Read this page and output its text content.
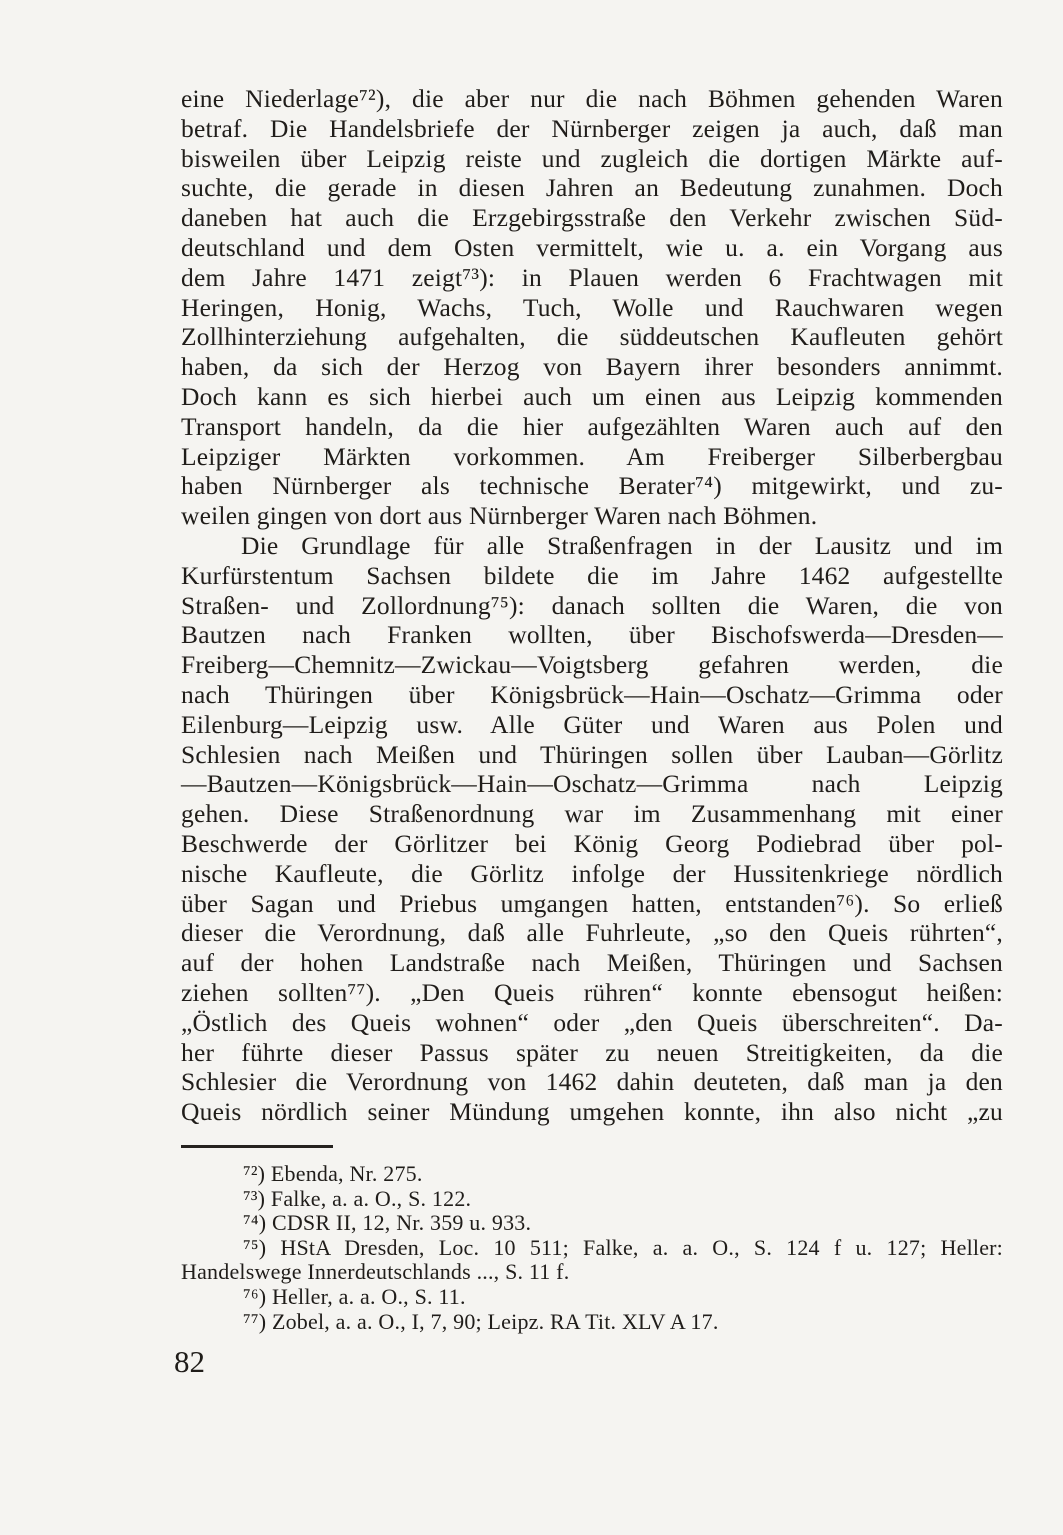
eine Niederlage⁷²), die aber nur die nach Böhmen gehenden Waren
betraf. Die Handelsbriefe der Nürnberger zeigen ja auch, daß man
bisweilen über Leipzig reiste und zugleich die dortigen Märkte auf-
suchte, die gerade in diesen Jahren an Bedeutung zunahmen. Doch
daneben hat auch die Erzgebirgsstraße den Verkehr zwischen Süd-
deutschland und dem Osten vermittelt, wie u. a. ein Vorgang aus
dem Jahre 1471 zeigt⁷³): in Plauen werden 6 Frachtwagen mit
Heringen, Honig, Wachs, Tuch, Wolle und Rauchwaren wegen
Zollhinterziehung aufgehalten, die süddeutschen Kaufleuten gehört
haben, da sich der Herzog von Bayern ihrer besonders annimmt.
Doch kann es sich hierbei auch um einen aus Leipzig kommenden
Transport handeln, da die hier aufgezählten Waren auch auf den
Leipziger Märkten vorkommen. Am Freiberger Silberbergbau
haben Nürnberger als technische Berater⁷⁴) mitgewirkt, und zu-
weilen gingen von dort aus Nürnberger Waren nach Böhmen.
Die Grundlage für alle Straßenfragen in der Lausitz und im
Kurfürstentum Sachsen bildete die im Jahre 1462 aufgestellte
Straßen- und Zollordnung⁷⁵): danach sollten die Waren, die von
Bautzen nach Franken wollten, über Bischofswerda—Dresden—
Freiberg—Chemnitz—Zwickau—Voigtsberg gefahren werden, die
nach Thüringen über Königsbrück—Hain—Oschatz—Grimma oder
Eilenburg—Leipzig usw. Alle Güter und Waren aus Polen und
Schlesien nach Meißen und Thüringen sollen über Lauban—Görlitz
—Bautzen—Königsbrück—Hain—Oschatz—Grimma nach Leipzig
gehen. Diese Straßenordnung war im Zusammenhang mit einer
Beschwerde der Görlitzer bei König Georg Podiebrad über pol-
nische Kaufleute, die Görlitz infolge der Hussitenkriege nördlich
über Sagan und Priebus umgangen hatten, entstanden⁷⁶). So erließ
dieser die Verordnung, daß alle Fuhrleute, „so den Queis rührten“,
auf der hohen Landstraße nach Meißen, Thüringen und Sachsen
ziehen sollten⁷⁷). „Den Queis rühren“ konnte ebensogut heißen:
„Östlich des Queis wohnen“ oder „den Queis überschreiten“. Da-
her führte dieser Passus später zu neuen Streitigkeiten, da die
Schlesier die Verordnung von 1462 dahin deuteten, daß man ja den
Queis nördlich seiner Mündung umgehen konnte, ihn also nicht „zu
⁷²) Ebenda, Nr. 275.
⁷³) Falke, a. a. O., S. 122.
⁷⁴) CDSR II, 12, Nr. 359 u. 933.
⁷⁵) HStA Dresden, Loc. 10 511; Falke, a. a. O., S. 124 f u. 127; Heller:
Handelswege Innerdeutschlands ..., S. 11 f.
⁷⁶) Heller, a. a. O., S. 11.
⁷⁷) Zobel, a. a. O., I, 7, 90; Leipz. RA Tit. XLV A 17.
82
